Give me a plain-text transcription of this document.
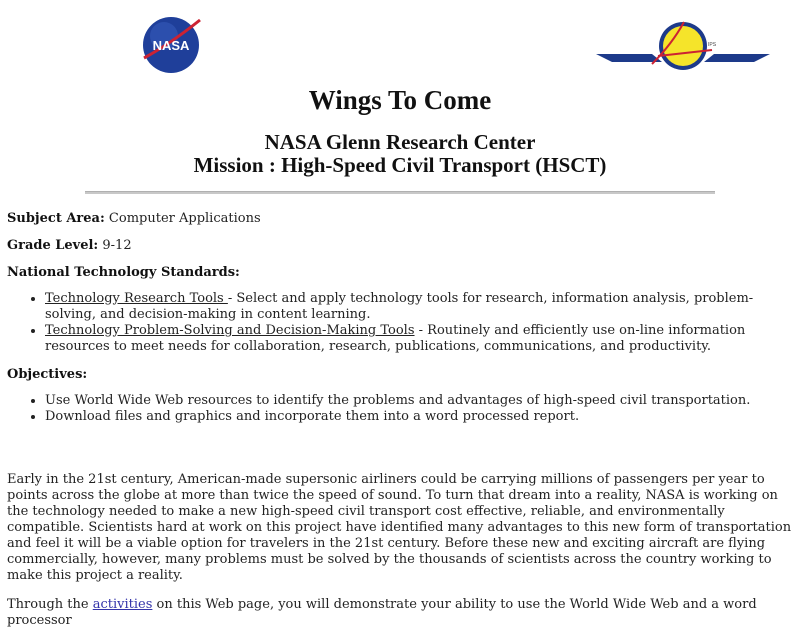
NASA	IPS
Wings To Come
NASA Glenn Research Center
Mission : High-Speed Civil Transport (HSCT)

Subject Area: Computer Applications

Grade Level: 9-12

National Technology Standards:

• Technology Research Tools - Select and apply technology tools for research, information analysis, problem-solving, and decision-making in content learning.
• Technology Problem-Solving and Decision-Making Tools - Routinely and efficiently use on-line information resources to meet needs for collaboration, research, publications, communications, and productivity.

Objectives:

• Use World Wide Web resources to identify the problems and advantages of high-speed civil transportation.
• Download files and graphics and incorporate them into a word processed report.

Early in the 21st century, American-made supersonic airliners could be carrying millions of passengers per year to points across the globe at more than twice the speed of sound. To turn that dream into a reality, NASA is working on the technology needed to make a new high-speed civil transport cost effective, reliable, and environmentally compatible. Scientists hard at work on this project have identified many advantages to this new form of transportation and feel it will be a viable option for travelers in the 21st century. Before these new and exciting aircraft are flying commercially, however, many problems must be solved by the thousands of scientists across the country working to make this project a reality.

Through the activities on this Web page, you will demonstrate your ability to use the World Wide Web and a word processor
